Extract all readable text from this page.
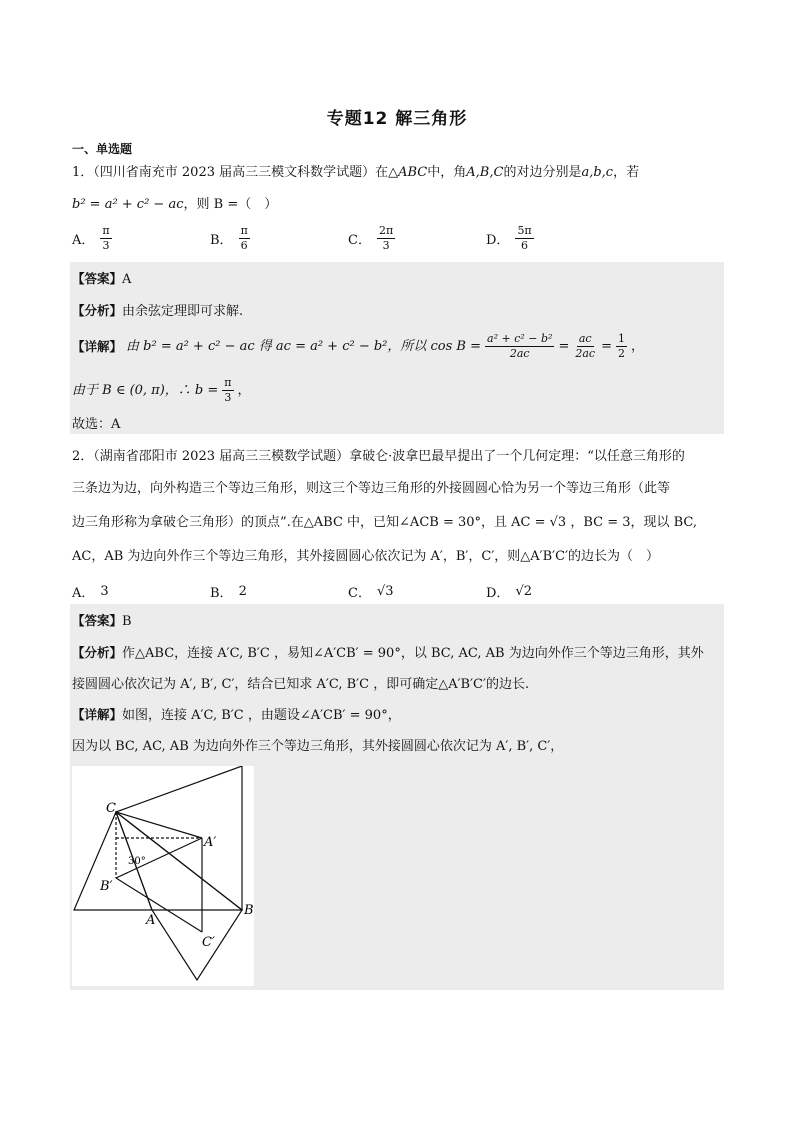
专题12 解三角形
一、单选题
1．（四川省南充市 2023 届高三三模文科数学试题）在△ABC中，角A,B,C的对边分别是a,b,c，若
b² = a² + c² − ac，则 B =（　）
A． $\frac{\pi}{3}$	B． $\frac{\pi}{6}$	C． $\frac{2\pi}{3}$	D． $\frac{5\pi}{6}$
【答案】A
【分析】由余弦定理即可求解.
【详解】 由 b² = a² + c² − ac 得 ac = a² + c² − b²，所以 $\cos B = \frac{\text{a² + c² − b²}}{2ac} = \frac{ac}{2ac} = \frac{1}{2}$ ，
由于 B ∈ (0, π)，∴ $b = \frac{\pi}{3}$ ，
故选：A
2．（湖南省邵阳市 2023 届高三三模数学试题）拿破仑·波拿巴最早提出了一个几何定理：“以任意三角形的
三条边为边，向外构造三个等边三角形，则这三个等边三角形的外接圆圆心恰为另一个等边三角形（此等
边三角形称为拿破仑三角形）的顶点”.在△ABC 中，已知∠ACB = 30°，且 AC = √3 ，BC = 3，现以 BC,
AC，AB 为边向外作三个等边三角形，其外接圆圆心依次记为 A′，B′，C′，则△A′B′C′的边长为（　）
A． 3	B． 2	C． √3	D． √2
【答案】B
【分析】作△ABC，连接 A′C, B′C ，易知∠A′CB′ = 90°，以 BC, AC, AB 为边向外作三个等边三角形，其外
接圆圆心依次记为 A′, B′, C′，结合已知求 A′C, B′C ，即可确定△A′B′C′的边长.
【详解】如图，连接 A′C, B′C ，由题设∠A′CB′ = 90°，
因为以 BC, AC, AB 为边向外作三个等边三角形，其外接圆圆心依次记为 A′, B′, C′，
C
A′
B′
A
B
C′
30°
